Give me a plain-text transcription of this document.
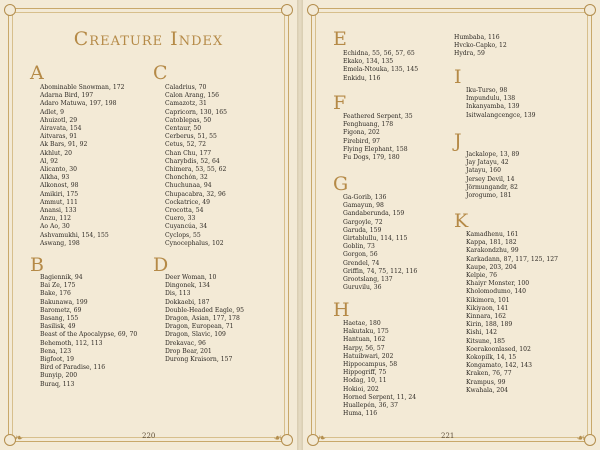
Creature Index
A
Abominable Snowman, 172
Adarna Bird, 197
Adaro Matuwa, 197, 198
Adlet, 9
Ahuizotl, 29
Airavata, 154
Aitvaras, 91
Ak Bars, 91, 92
Akhlut, 20
Al, 92
Alicanto, 30
Alkha, 93
Alkonost, 98
Amikiri, 175
Ammut, 111
Anansi, 133
Anzu, 112
Ao Ao, 30
Ashvamukhi, 154, 155
Aswang, 198
C
Caladrius, 70
Calon Arang, 156
Camazotz, 31
Capricorn, 130, 165
Catoblepas, 50
Centaur, 50
Cerberus, 51, 55
Cetus, 52, 72
Chan Chu, 177
Charybdis, 52, 64
Chimera, 53, 55, 62
Chonchón, 32
Chuchunaa, 94
Chupacabra, 32, 96
Cockatrice, 49
Crocotta, 54
Cuero, 33
Cuyancúa, 34
Cyclops, 55
Cynocephalus, 102
B
Bagiennik, 94
Bai Ze, 175
Bake, 176
Bakunawa, 199
Barometz, 69
Basang, 155
Basilisk, 49
Beast of the Apocalypse, 69, 70
Behemoth, 112, 113
Bena, 123
Bigfoot, 19
Bird of Paradise, 116
Bunyip, 200
Buraq, 113
D
Deer Woman, 10
Dingonek, 134
Dis, 113
Dokkaebi, 187
Double-Headed Eagle, 95
Dragon, Asian, 177, 178
Dragon, European, 71
Dragon, Slavic, 109
Drekavac, 96
Drop Bear, 201
Durong Kraisorn, 157
❧	☙
220
E
Echidna, 55, 56, 57, 65
Ekako, 134, 135
Emela-Ntouka, 135, 145
Enkidu, 116
F
Feathered Serpent, 35
Fenghuang, 178
Figona, 202
Firebird, 97
Flying Elephant, 158
Fu Dogs, 179, 180
G
Ga-Gorib, 136
Gamayun, 98
Gandaberunda, 159
Gargoyle, 72
Garuda, 159
Girtablullu, 114, 115
Goblin, 73
Gorgon, 56
Grendel, 74
Griffin, 74, 75, 112, 116
Grootslang, 137
Guruvilu, 36
H
Haetae, 180
Hakutaku, 175
Hantuan, 162
Harpy, 56, 57
Hatuibwari, 202
Hippocampus, 58
Hippogriff, 75
Hodag, 10, 11
Hokioi, 202
Horned Serpent, 11, 24
Huallepén, 36, 37
Huma, 116
Humbaba, 116
Hvcko-Capko, 12
Hydra, 59
I
Iku-Turso, 98
Impundulu, 138
Inkanyamba, 139
Isitwalangcengce, 139
J
Jackalope, 13, 89
Jay Jatayu, 42
Jatayu, 160
Jersey Devil, 14
Jörmungandr, 82
Jorogumo, 181
K
Kamadhenu, 161
Kappa, 181, 182
Karakondzhu, 99
Karkadann, 87, 117, 125, 127
Kaupe, 203, 204
Kelpie, 76
Khaiyr Monster, 100
Kholomodumo, 140
Kikimora, 101
Kikiyaon, 141
Kinnara, 162
Kirin, 188, 189
Kishi, 142
Kitsune, 185
Koerakoonlased, 102
Kokopilk, 14, 15
Kongamato, 142, 143
Kraken, 76, 77
Krampus, 99
Kwahala, 204
❧	☙
221
